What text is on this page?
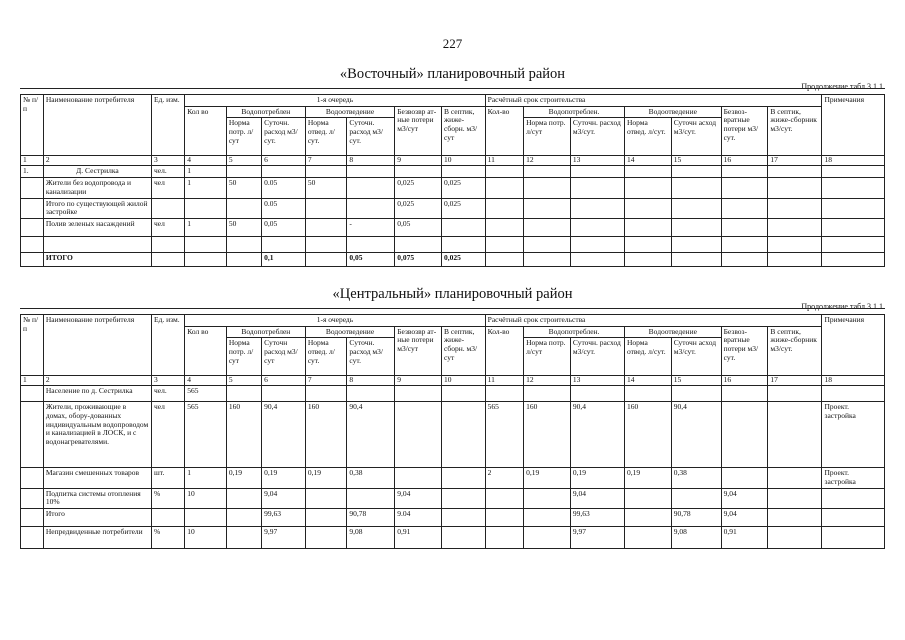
227
«Восточный» планировочный район
Продолжение табл.3.1.1
№ п/п	Наименование потребителя	Ед. изм.	1-я очередь							Расчётный срок строительства							Примечания
			Кол во	Водопотреблен		Водоотведение		Безвозвр ат-ные потери м3/сут	В септик, жиже-сборн. м3/сут	Кол-во	Водопотреблен.		Водоотведение		Безвоз-вратные потери м3/сут.	В септик, жиже-сборник м3/сут.	
				Норма потр. л/сут	Суточн. расход м3/сут.	Норма отвед. л/сут.	Суточн. расход м3/сут.				Норма потр. л/сут	Суточн. расход м3/сут.	Норма отвед. л/сут.	Суточн асход м3/сут.			
1	2	3	4	5	6	7	8	9	10	11	12	13	14	15	16	17	18
1.	Д. Сестрилка	чел.	1														
	Жители без водопровода и канализации	чел	1	50	0.05	50		0,025	0,025								
	Итого по существующей жилой застройке				0.05			0,025	0,025								
	Полив зеленых насаждений	чел	1	50	0,05		-	0,05									

	ИТОГО				0,1		0,05	0,075	0,025								
«Центральный» планировочный район
Продолжение табл.3.1.1
№ п/п	Наименование потребителя	Ед. изм.	1-я очередь							Расчётный срок строительства							Примечания
			Кол во	Водопотреблен		Водоотведение		Безвозвр ат-ные потери м3/сут	В септик, жиже-сборн. м3/сут	Кол-во	Водопотреблен.		Водоотведение		Безвоз-вратные потери м3/сут.	В септик, жиже-сборник м3/сут.	
				Норма потр. л/сут	Суточн расход м3/сут	Норма отвед. л/сут.	Суточн. расход м3/сут.				Норма потр. л/сут	Суточн. расход м3/сут.	Норма отвед. л/сут.	Суточн асход м3/сут.			
1	2	3	4	5	6	7	8	9	10	11	12	13	14	15	16	17	18
	Население по д. Сестрилка	чел.	565														
	Жители, проживающие в домах, обору-дованных индивидуальным водопроводом и канализацией в ЛОСК, и с водонагревателями.	чел	565	160	90,4	160	90,4			565	160	90,4	160	90,4			Проект. застройка
	Магазин смешенных товаров	шт.	1	0,19	0,19	0,19	0,38			2	0,19	0,19	0,19	0,38			Проект. застройка
	Подпитка системы отопления 10%	%	10		9,04			9,04				9,04			9,04		
	Итого				99,63		90,78	9.04				99,63		90,78	9,04		
	Непредвиденные потребители	%	10		9,97		9,08	0,91				9,97		9,08	0,91		
